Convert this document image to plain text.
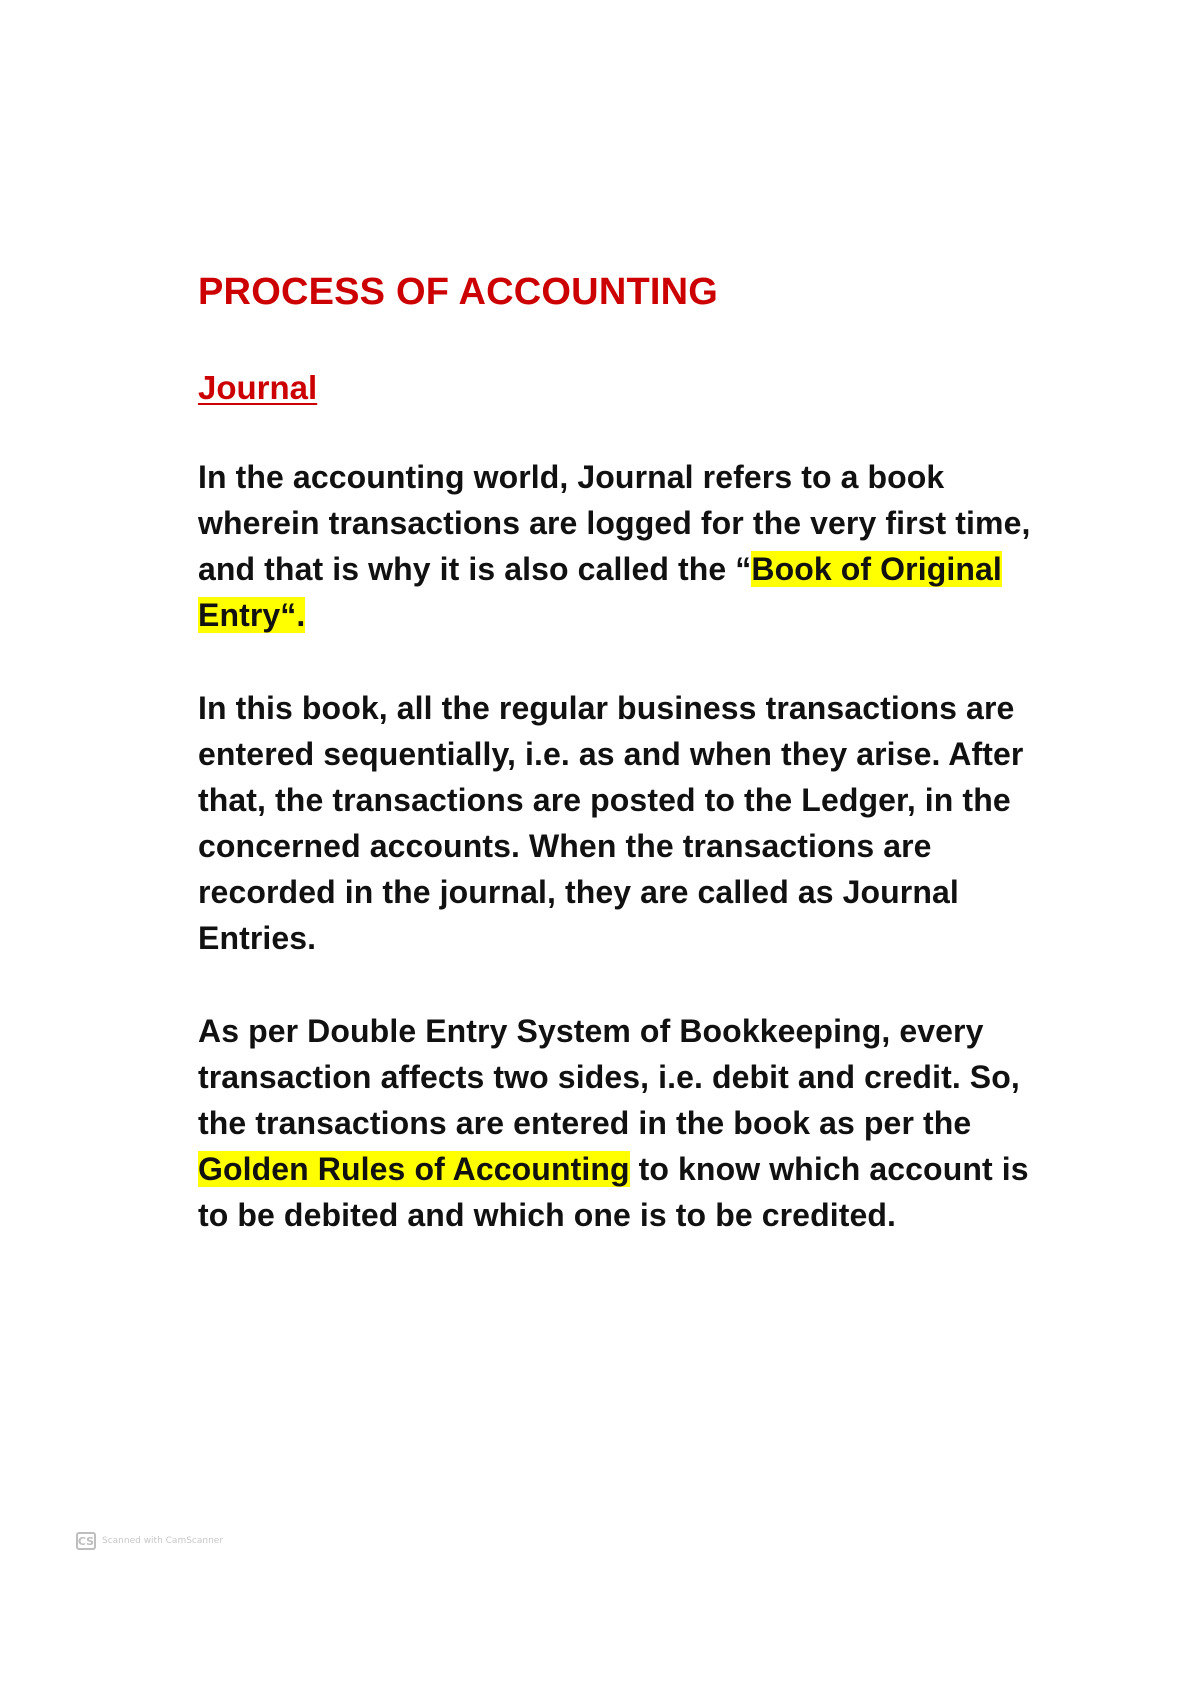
PROCESS OF ACCOUNTING
Journal

In the accounting world, Journal refers to a book wherein transactions are logged for the very first time, and that is why it is also called the “Book of Original Entry“.

In this book, all the regular business transactions are entered sequentially, i.e. as and when they arise. After that, the transactions are posted to the Ledger, in the concerned accounts. When the transactions are recorded in the journal, they are called as Journal Entries.

As per Double Entry System of Bookkeeping, every transaction affects two sides, i.e. debit and credit. So, the transactions are entered in the book as per the Golden Rules of Accounting to know which account is to be debited and which one is to be credited.

CS Scanned with CamScanner
